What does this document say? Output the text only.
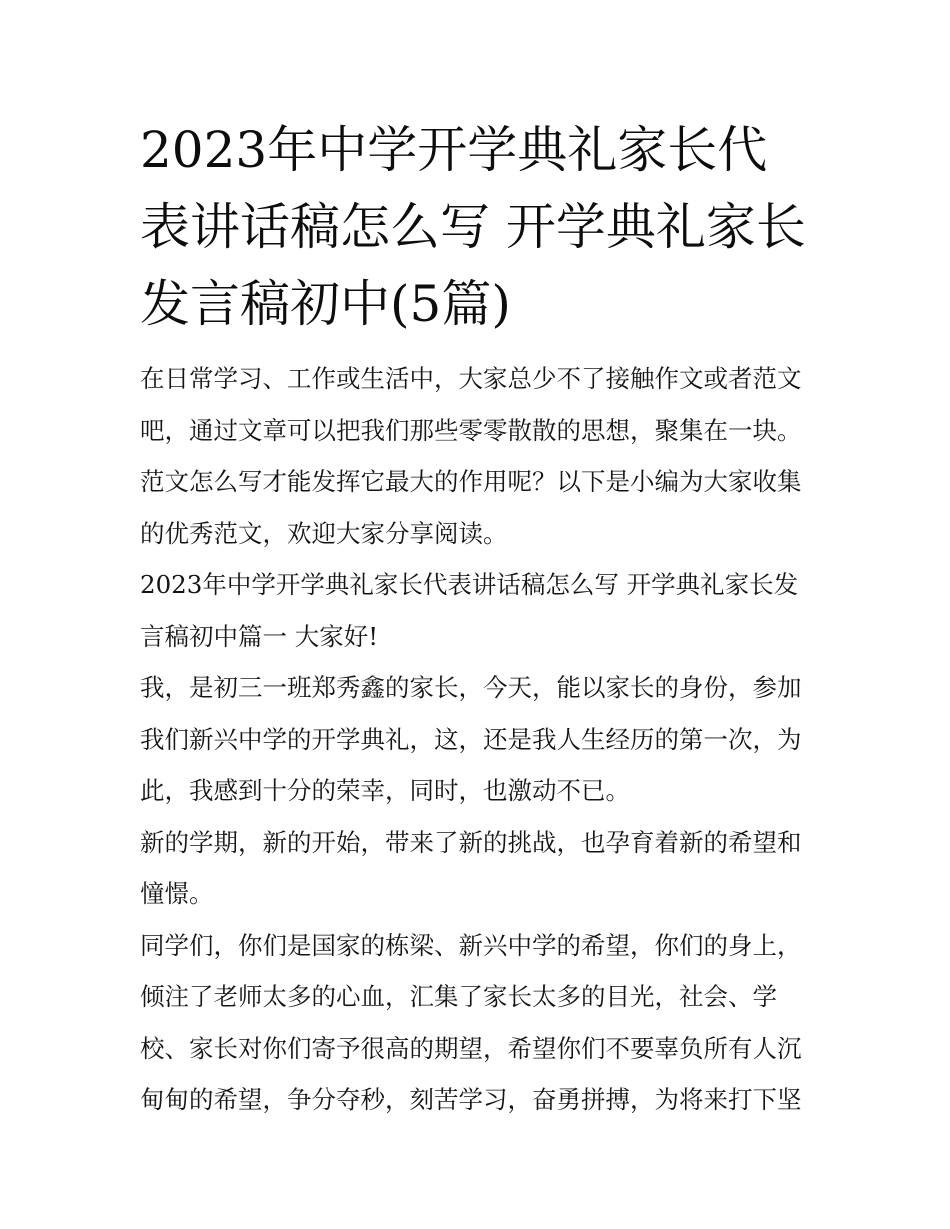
2023年中学开学典礼家长代表讲话稿怎么写 开学典礼家长发言稿初中(5篇)

在日常学习、工作或生活中，大家总少不了接触作文或者范文吧，通过文章可以把我们那些零零散散的思想，聚集在一块。范文怎么写才能发挥它最大的作用呢？以下是小编为大家收集的优秀范文，欢迎大家分享阅读。

2023年中学开学典礼家长代表讲话稿怎么写 开学典礼家长发言稿初中篇一 大家好!

我，是初三一班郑秀鑫的家长，今天，能以家长的身份，参加我们新兴中学的开学典礼，这，还是我人生经历的第一次，为此，我感到十分的荣幸，同时，也激动不已。

新的学期，新的开始，带来了新的挑战，也孕育着新的希望和憧憬。

同学们，你们是国家的栋梁、新兴中学的希望，你们的身上，倾注了老师太多的心血，汇集了家长太多的目光，社会、学校、家长对你们寄予很高的期望，希望你们不要辜负所有人沉甸甸的希望，争分夺秒，刻苦学习，奋勇拼搏，为将来打下坚
